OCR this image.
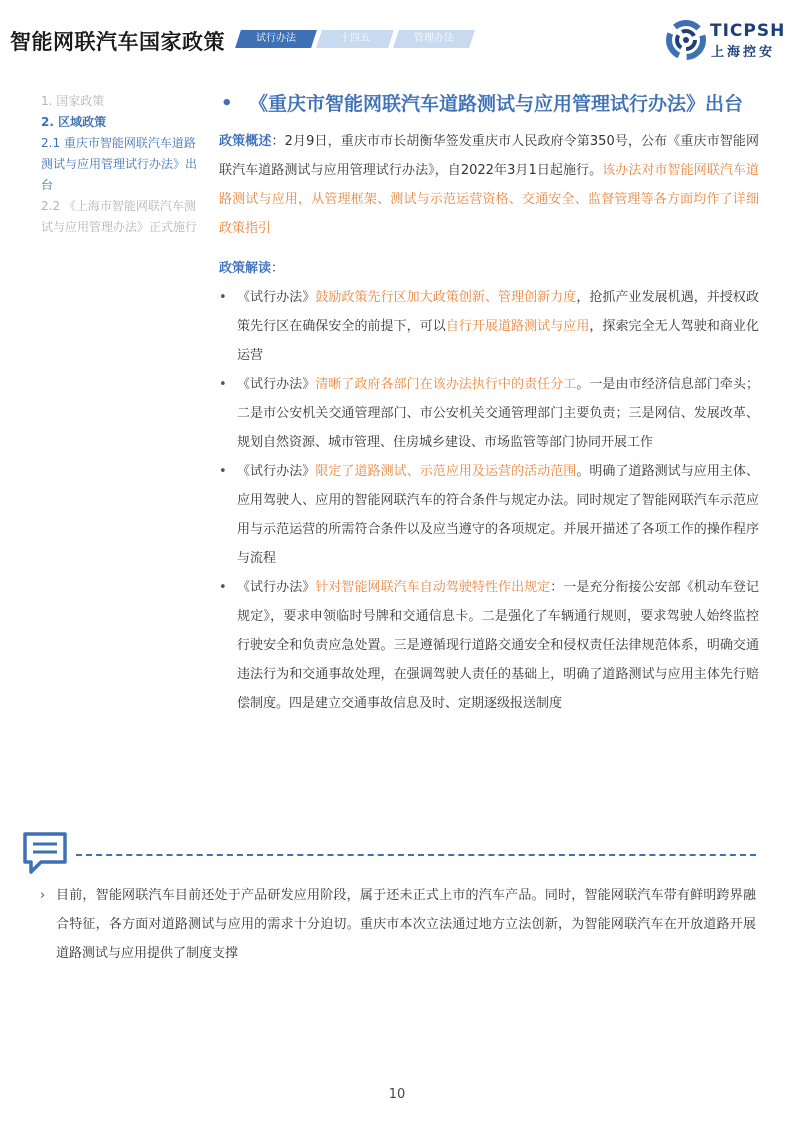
智能网联汽车国家政策	试行办法	十四五	管理办法	TICPSH
上海控安
1. 国家政策
2. 区域政策
2.1 重庆市智能网联汽车道路测试与应用管理试行办法》出台
2.2 《上海市智能网联汽车测试与应用管理办法》正式施行
• 《重庆市智能网联汽车道路测试与应用管理试行办法》出台
政策概述：2月9日，重庆市市长胡衡华签发重庆市人民政府令第350号，公布《重庆市智能网联汽车道路测试与应用管理试行办法》，自2022年3月1日起施行。该办法对市智能网联汽车道路测试与应用，从管理框架、测试与示范运营资格、交通安全、监督管理等各方面均作了详细政策指引
政策解读：
• 《试行办法》鼓励政策先行区加大政策创新、管理创新力度，抢抓产业发展机遇，并授权政策先行区在确保安全的前提下，可以自行开展道路测试与应用，探索完全无人驾驶和商业化运营
• 《试行办法》清晰了政府各部门在该办法执行中的责任分工。一是由市经济信息部门牵头；二是市公安机关交通管理部门、市公安机关交通管理部门主要负责；三是网信、发展改革、规划自然资源、城市管理、住房城乡建设、市场监管等部门协同开展工作
• 《试行办法》限定了道路测试、示范应用及运营的活动范围。明确了道路测试与应用主体、应用驾驶人、应用的智能网联汽车的符合条件与规定办法。同时规定了智能网联汽车示范应用与示范运营的所需符合条件以及应当遵守的各项规定。并展开描述了各项工作的操作程序与流程
• 《试行办法》针对智能网联汽车自动驾驶特性作出规定：一是充分衔接公安部《机动车登记规定》，要求申领临时号牌和交通信息卡。二是强化了车辆通行规则，要求驾驶人始终监控行驶安全和负责应急处置。三是遵循现行道路交通安全和侵权责任法律规范体系，明确交通违法行为和交通事故处理，在强调驾驶人责任的基础上，明确了道路测试与应用主体先行赔偿制度。四是建立交通事故信息及时、定期逐级报送制度
› 目前，智能网联汽车目前还处于产品研发应用阶段，属于还未正式上市的汽车产品。同时，智能网联汽车带有鲜明跨界融合特征，各方面对道路测试与应用的需求十分迫切。重庆市本次立法通过地方立法创新，为智能网联汽车在开放道路开展道路测试与应用提供了制度支撑
10
